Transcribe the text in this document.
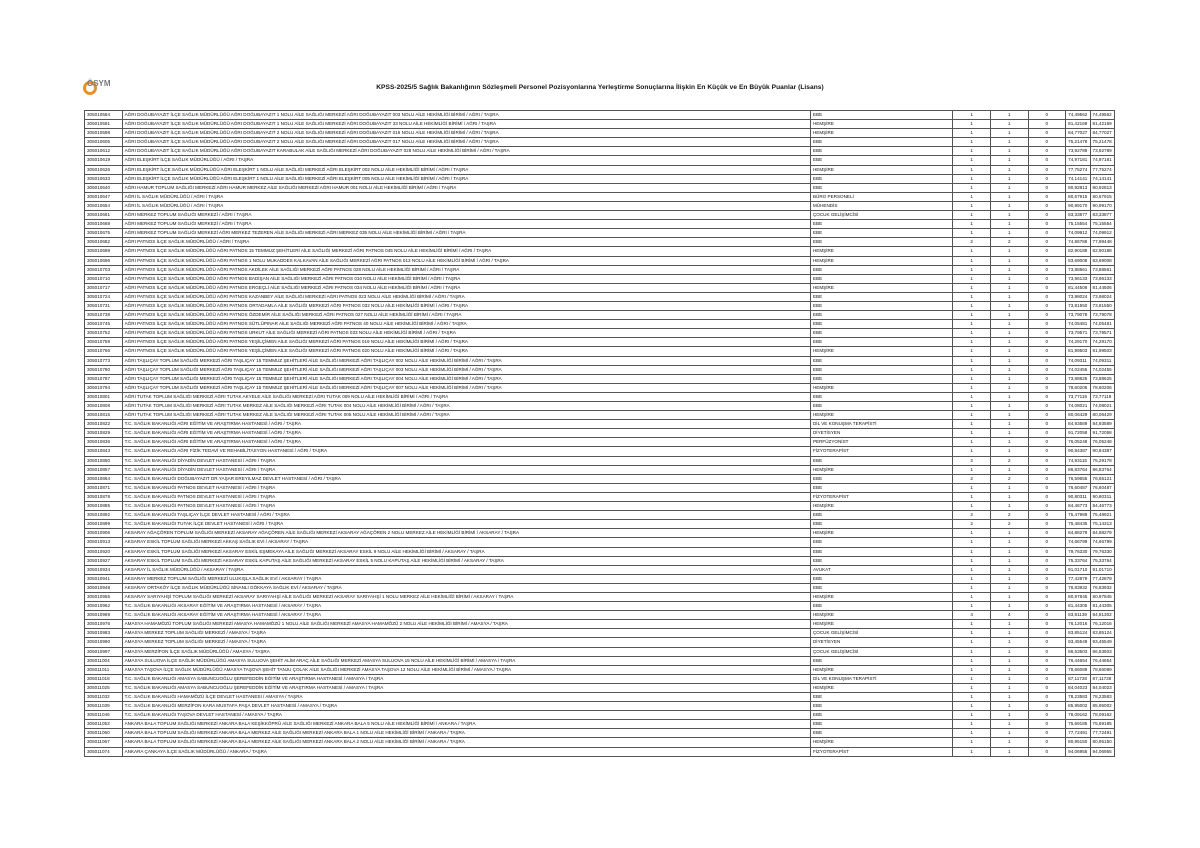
ÖSYM	KPSS-2025/5 Sağlık Bakanlığının Sözleşmeli Personel Pozisyonlarına Yerleştirme Sonuçlarına İlişkin En Küçük ve En Büyük Puanlar (Lisans)
305010584	AĞRI DOĞUBAYAZIT İLÇE SAĞLIK MÜDÜRLÜĞÜ AĞRI DOĞUBAYAZIT 1 NOLU AİLE SAĞLIĞI MERKEZİ AĞRI DOĞUBAYAZIT 003 NOLU AİLE HEKİMLİĞİ BİRİMİ / AĞRI / TAŞRA	EBE	1	1	0	74,49562	74,49562
305010591	AĞRI DOĞUBAYAZIT İLÇE SAĞLIK MÜDÜRLÜĞÜ AĞRI DOĞUBAYAZIT 1 NOLU AİLE SAĞLIĞI MERKEZİ AĞRI DOĞUBAYAZIT 33 NOLU AİLE HEKİMLİĞİ BİRİMİ / AĞRI / TAŞRA	HEMŞİRE	1	1	0	81,42169	81,42169
305010598	AĞRI DOĞUBAYAZIT İLÇE SAĞLIK MÜDÜRLÜĞÜ AĞRI DOĞUBAYAZIT 2 NOLU AİLE SAĞLIĞI MERKEZİ AĞRI DOĞUBAYAZIT 016 NOLU AİLE HEKİMLİĞİ BİRİMİ / AĞRI / TAŞRA	HEMŞİRE	1	1	0	84,77027	84,77027
305010605	AĞRI DOĞUBAYAZIT İLÇE SAĞLIK MÜDÜRLÜĞÜ AĞRI DOĞUBAYAZIT 2 NOLU AİLE SAĞLIĞI MERKEZİ AĞRI DOĞUBAYAZIT 017 NOLU AİLE HEKİMLİĞİ BİRİMİ / AĞRI / TAŞRA	EBE	1	1	0	75,21478	75,21478
305010612	AĞRI DOĞUBAYAZIT İLÇE SAĞLIK MÜDÜRLÜĞÜ AĞRI DOĞUBAYAZIT KARABULAK AİLE SAĞLIĞI MERKEZİ AĞRI DOĞUBAYAZIT 028 NOLU AİLE HEKİMLİĞİ BİRİMİ / AĞRI / TAŞRA	EBE	1	1	0	73,92789	73,92789
305010619	AĞRI ELEŞKİRT İLÇE SAĞLIK MÜDÜRLÜĞÜ / AĞRI / TAŞRA	EBE	1	1	0	74,97181	74,97181
305010626	AĞRI ELEŞKİRT İLÇE SAĞLIK MÜDÜRLÜĞÜ AĞRI ELEŞKİRT 1 NOLU AİLE SAĞLIĞI MERKEZİ AĞRI ELEŞKİRT 002 NOLU AİLE HEKİMLİĞİ BİRİMİ / AĞRI / TAŞRA	HEMŞİRE	1	1	0	77,75274	77,75274
305010633	AĞRI ELEŞKİRT İLÇE SAĞLIK MÜDÜRLÜĞÜ AĞRI ELEŞKİRT 1 NOLU AİLE SAĞLIĞI MERKEZİ AĞRI ELEŞKİRT 005 NOLU AİLE HEKİMLİĞİ BİRİMİ / AĞRI / TAŞRA	EBE	1	1	0	74,14141	74,14141
305010640	AĞRI HAMUR TOPLUM SAĞLIĞI MERKEZİ AĞRI HAMUR MERKEZ AİLE SAĞLIĞI MERKEZİ AĞRI HAMUR 001 NOLU AİLE HEKİMLİĞİ BİRİMİ / AĞRI / TAŞRA	EBE	1	1	0	80,92813	80,92813
305010647	AĞRI İL SAĞLIK MÜDÜRLÜĞÜ / AĞRI / TAŞRA	BÜRO PERSONELİ	1	1	0	80,67915	80,67915
305010654	AĞRI İL SAĞLIK MÜDÜRLÜĞÜ / AĞRI / TAŞRA	MÜHENDİS	1	1	0	90,99170	90,99170
305010661	AĞRI MERKEZ TOPLUM SAĞLIĞI MERKEZİ / AĞRI / TAŞRA	ÇOCUK GELİŞİMCİSİ	1	1	0	83,33877	83,33877
305010668	AĞRI MERKEZ TOPLUM SAĞLIĞI MERKEZİ / AĞRI / TAŞRA	EBE	1	1	0	75,15554	75,15554
305010675	AĞRI MERKEZ TOPLUM SAĞLIĞI MERKEZİ AĞRI MERKEZ TEZEREN AİLE SAĞLIĞI MERKEZİ AĞRI MERKEZ 035 NOLU AİLE HEKİMLİĞİ BİRİMİ / AĞRI / TAŞRA	EBE	1	1	0	74,09912	74,09912
305010682	AĞRI PATNOS İLÇE SAĞLIK MÜDÜRLÜĞÜ / AĞRI / TAŞRA	EBE	2	2	0	74,86786	77,99448
305010689	AĞRI PATNOS İLÇE SAĞLIK MÜDÜRLÜĞÜ AĞRI PATNOS 15 TEMMUZ ŞEHİTLERİ AİLE SAĞLIĞI MERKEZİ AĞRI PATNOS 045 NOLU AİLE HEKİMLİĞİ BİRİMİ / AĞRI / TAŞRA	HEMŞİRE	1	1	0	82,90188	82,90188
305010696	AĞRI PATNOS İLÇE SAĞLIK MÜDÜRLÜĞÜ AĞRI PATNOS 1 NOLU MUKADDES KALKAVAN AİLE SAĞLIĞI MERKEZİ AĞRI PATNOS 013 NOLU AİLE HEKİMLİĞİ BİRİMİ / AĞRI / TAŞRA	HEMŞİRE	1	1	0	83,69008	83,69008
305010703	AĞRI PATNOS İLÇE SAĞLIK MÜDÜRLÜĞÜ AĞRI PATNOS AKDİLEK AİLE SAĞLIĞI MERKEZİ AĞRI PATNOS 028 NOLU AİLE HEKİMLİĞİ BİRİMİ / AĞRI / TAŞRA	EBE	1	1	0	73,88561	73,88561
305010710	AĞRI PATNOS İLÇE SAĞLIK MÜDÜRLÜĞÜ AĞRI PATNOS BADİŞAN AİLE SAĞLIĞI MERKEZİ AĞRI PATNOS 010 NOLU AİLE HEKİMLİĞİ BİRİMİ / AĞRI / TAŞRA	EBE	1	1	0	73,96133	73,96133
305010717	AĞRI PATNOS İLÇE SAĞLIK MÜDÜRLÜĞÜ AĞRI PATNOS ERGEÇLİ AİLE SAĞLIĞI MERKEZİ AĞRI PATNOS 034 NOLU AİLE HEKİMLİĞİ BİRİMİ / AĞRI / TAŞRA	HEMŞİRE	1	1	0	81,44506	81,44506
305010724	AĞRI PATNOS İLÇE SAĞLIK MÜDÜRLÜĞÜ AĞRI PATNOS KAZANBEY AİLE SAĞLIĞI MERKEZİ AĞRI PATNOS 023 NOLU AİLE HEKİMLİĞİ BİRİMİ / AĞRI / TAŞRA	EBE	1	1	0	73,98024	73,98024
305010731	AĞRI PATNOS İLÇE SAĞLIK MÜDÜRLÜĞÜ AĞRI PATNOS ORTADAMLA AİLE SAĞLIĞI MERKEZİ AĞRI PATNOS 032 NOLU AİLE HEKİMLİĞİ BİRİMİ / AĞRI / TAŞRA	EBE	1	1	0	73,81550	73,81550
305010738	AĞRI PATNOS İLÇE SAĞLIK MÜDÜRLÜĞÜ AĞRI PATNOS ÖZDEMİR AİLE SAĞLIĞI MERKEZİ AĞRI PATNOS 027 NOLU AİLE HEKİMLİĞİ BİRİMİ / AĞRI / TAŞRA	EBE	1	1	0	73,79078	73,79078
305010745	AĞRI PATNOS İLÇE SAĞLIK MÜDÜRLÜĞÜ AĞRI PATNOS SÜTLÜPINAR AİLE SAĞLIĞI MERKEZİ AĞRI PATNOS 40 NOLU AİLE HEKİMLİĞİ BİRİMİ / AĞRI / TAŞRA	EBE	1	1	0	74,05481	74,05481
305010752	AĞRI PATNOS İLÇE SAĞLIK MÜDÜRLÜĞÜ AĞRI PATNOS URKUT AİLE SAĞLIĞI MERKEZİ AĞRI PATNOS 033 NOLU AİLE HEKİMLİĞİ BİRİMİ / AĞRI / TAŞRA	EBE	1	1	0	73,79571	73,79571
305010759	AĞRI PATNOS İLÇE SAĞLIK MÜDÜRLÜĞÜ AĞRI PATNOS YEŞİLÇİMEN AİLE SAĞLIĞI MERKEZİ AĞRI PATNOS 019 NOLU AİLE HEKİMLİĞİ BİRİMİ / AĞRI / TAŞRA	EBE	1	1	0	74,29170	74,29170
305010766	AĞRI PATNOS İLÇE SAĞLIK MÜDÜRLÜĞÜ AĞRI PATNOS YEŞİLÇİMEN AİLE SAĞLIĞI MERKEZİ AĞRI PATNOS 020 NOLU AİLE HEKİMLİĞİ BİRİMİ / AĞRI / TAŞRA	HEMŞİRE	1	1	0	81,99503	81,99503
305010773	AĞRI TAŞLIÇAY TOPLUM SAĞLIĞI MERKEZİ AĞRI TAŞLIÇAY 15 TEMMUZ ŞEHİTLERİ AİLE SAĞLIĞI MERKEZİ AĞRI TAŞLIÇAY 002 NOLU AİLE HEKİMLİĞİ BİRİMİ / AĞRI / TAŞRA	EBE	1	1	0	74,09311	74,09311
305010780	AĞRI TAŞLIÇAY TOPLUM SAĞLIĞI MERKEZİ AĞRI TAŞLIÇAY 15 TEMMUZ ŞEHİTLERİ AİLE SAĞLIĞI MERKEZİ AĞRI TAŞLIÇAY 003 NOLU AİLE HEKİMLİĞİ BİRİMİ / AĞRI / TAŞRA	EBE	1	1	0	74,02455	74,02455
305010787	AĞRI TAŞLIÇAY TOPLUM SAĞLIĞI MERKEZİ AĞRI TAŞLIÇAY 15 TEMMUZ ŞEHİTLERİ AİLE SAĞLIĞI MERKEZİ AĞRI TAŞLIÇAY 004 NOLU AİLE HEKİMLİĞİ BİRİMİ / AĞRI / TAŞRA	EBE	1	1	0	73,88625	73,88625
305010794	AĞRI TAŞLIÇAY TOPLUM SAĞLIĞI MERKEZİ AĞRI TAŞLIÇAY 15 TEMMUZ ŞEHİTLERİ AİLE SAĞLIĞI MERKEZİ AĞRI TAŞLIÇAY 007 NOLU AİLE HEKİMLİĞİ BİRİMİ / AĞRI / TAŞRA	HEMŞİRE	1	1	0	78,60206	78,60206
305010801	AĞRI TUTAK TOPLUM SAĞLIĞI MERKEZİ AĞRI TUTAK AKYELE AİLE SAĞLIĞI MERKEZİ AĞRI TUTAK 009 NOLU AİLE HEKİMLİĞİ BİRİMİ / AĞRI / TAŞRA	EBE	1	1	0	73,77119	73,77119
305010808	AĞRI TUTAK TOPLUM SAĞLIĞI MERKEZİ AĞRI TUTAK MERKEZ AİLE SAĞLIĞI MERKEZİ AĞRI TUTAK 004 NOLU AİLE HEKİMLİĞİ BİRİMİ / AĞRI / TAŞRA	EBE	1	1	0	74,08021	74,08021
305010815	AĞRI TUTAK TOPLUM SAĞLIĞI MERKEZİ AĞRI TUTAK MERKEZ AİLE SAĞLIĞI MERKEZİ AĞRI TUTAK 005 NOLU AİLE HEKİMLİĞİ BİRİMİ / AĞRI / TAŞRA	HEMŞİRE	1	1	0	80,06429	80,06429
305010822	T.C. SAĞLIK BAKANLIĞI AĞRI EĞİTİM VE ARAŞTIRMA HASTANESİ / AĞRI / TAŞRA	DİL VE KONUŞMA TERAPİSTİ	1	1	0	84,93589	84,93589
305010829	T.C. SAĞLIK BAKANLIĞI AĞRI EĞİTİM VE ARAŞTIRMA HASTANESİ / AĞRI / TAŞRA	DİYETİSYEN	1	1	0	91,72058	91,72058
305010836	T.C. SAĞLIK BAKANLIĞI AĞRI EĞİTİM VE ARAŞTIRMA HASTANESİ / AĞRI / TAŞRA	PERFÜZYONİST	1	1	0	76,05248	76,05248
305010843	T.C. SAĞLIK BAKANLIĞI AĞRI FİZİK TEDAVİ VE REHABİLİTASYON HASTANESİ / AĞRI / TAŞRA	FİZYOTERAPİST	1	1	0	90,84387	90,84387
305010850	T.C. SAĞLIK BAKANLIĞI DİYADİN DEVLET HASTANESİ / AĞRI / TAŞRA	EBE	2	2	0	74,93115	75,29178
305010857	T.C. SAĞLIK BAKANLIĞI DİYADİN DEVLET HASTANESİ / AĞRI / TAŞRA	HEMŞİRE	1	1	0	86,83764	86,83764
305010864	T.C. SAĞLIK BAKANLIĞI DOĞUBAYAZIT DR.YAŞAR EREYILMAZ DEVLET HASTANESİ / AĞRI / TAŞRA	EBE	2	2	0	76,59655	76,65121
305010871	T.C. SAĞLIK BAKANLIĞI PATNOS DEVLET HASTANESİ / AĞRI / TAŞRA	EBE	1	1	0	76,60487	76,60487
305010878	T.C. SAĞLIK BAKANLIĞI PATNOS DEVLET HASTANESİ / AĞRI / TAŞRA	FİZYOTERAPİST	1	1	0	90,80311	90,80311
305010885	T.C. SAĞLIK BAKANLIĞI PATNOS DEVLET HASTANESİ / AĞRI / TAŞRA	HEMŞİRE	1	1	0	84,46773	84,46773
305010892	T.C. SAĞLIK BAKANLIĞI TAŞLIÇAY İLÇE DEVLET HASTANESİ / AĞRI / TAŞRA	EBE	2	2	0	75,47989	75,48921
305010899	T.C. SAĞLIK BAKANLIĞI TUTAK İLÇE DEVLET HASTANESİ / AĞRI / TAŞRA	EBE	2	2	0	75,48435	75,14313
305010906	AKSARAY AĞAÇÖREN TOPLUM SAĞLIĞI MERKEZİ AKSARAY AĞAÇÖREN AİLE SAĞLIĞI MERKEZİ AKSARAY AĞAÇÖREN 2 NOLU MERKEZ AİLE HEKİMLİĞİ BİRİMİ / AKSARAY / TAŞRA	HEMŞİRE	1	1	0	84,88279	84,88279
305010913	AKSARAY ESKİL TOPLUM SAĞLIĞI MERKEZİ AKKAŞ SAĞLIK EVİ / AKSARAY / TAŞRA	EBE	1	1	0	74,66799	74,66799
305010920	AKSARAY ESKİL TOPLUM SAĞLIĞI MERKEZİ AKSARAY ESKİL EŞMEKAYA AİLE SAĞLIĞI MERKEZİ AKSARAY ESKİL 9 NOLU AİLE HEKİMLİĞİ BİRİMİ / AKSARAY / TAŞRA	EBE	1	1	0	79,76330	79,76330
305010927	AKSARAY ESKİL TOPLUM SAĞLIĞI MERKEZİ AKSARAY ESKİL KAPUTAŞ AİLE SAĞLIĞI MERKEZİ AKSARAY ESKİL 5 NOLU KAPUTAŞ AİLE HEKİMLİĞİ BİRİMİ / AKSARAY / TAŞRA	EBE	1	1	0	75,33764	75,33764
305010934	AKSARAY İL SAĞLIK MÜDÜRLÜĞÜ / AKSARAY / TAŞRA	AVUKAT	1	1	0	91,01710	91,01710
305010941	AKSARAY MERKEZ TOPLUM SAĞLIĞI MERKEZİ ULUKIŞLA SAĞLIK EVİ / AKSARAY / TAŞRA	EBE	1	1	0	77,42879	77,42879
305010948	AKSARAY ORTAKÖY İLÇE SAĞLIK MÜDÜRLÜĞÜ SİNANLI GÖKKAYA SAĞLIK EVİ / AKSARAY / TAŞRA	EBE	1	1	0	76,83932	76,83932
305010955	AKSARAY SARIYAHŞİ TOPLUM SAĞLIĞI MERKEZİ AKSARAY SARIYAHŞİ AİLE SAĞLIĞI MERKEZİ AKSARAY SARIYAHŞİ 1 NOLU MERKEZ AİLE HEKİMLİĞİ BİRİMİ / AKSARAY / TAŞRA	HEMŞİRE	1	1	0	80,97845	80,97845
305010962	T.C. SAĞLIK BAKANLIĞI AKSARAY EĞİTİM VE ARAŞTIRMA HASTANESİ / AKSARAY / TAŞRA	EBE	1	1	0	81,44305	81,44305
305010969	T.C. SAĞLIK BAKANLIĞI AKSARAY EĞİTİM VE ARAŞTIRMA HASTANESİ / AKSARAY / TAŞRA	HEMŞİRE	4	4	0	83,81139	84,81302
305010976	AMASYA HAMAMÖZÜ TOPLUM SAĞLIĞI MERKEZİ AMASYA HAMAMÖZÜ 1 NOLU AİLE SAĞLIĞI MERKEZİ AMASYA HAMAMÖZÜ 2 NOLU AİLE HEKİMLİĞİ BİRİMİ / AMASYA / TAŞRA	HEMŞİRE	1	1	0	76,12016	76,12016
305010983	AMASYA MERKEZ TOPLUM SAĞLIĞI MERKEZİ / AMASYA / TAŞRA	ÇOCUK GELİŞİMCİSİ	1	1	0	83,85124	83,85124
305010990	AMASYA MERKEZ TOPLUM SAĞLIĞI MERKEZİ / AMASYA / TAŞRA	DİYETİSYEN	1	1	0	93,45549	93,45549
305010997	AMASYA MERZİFON İLÇE SAĞLIK MÜDÜRLÜĞÜ / AMASYA / TAŞRA	ÇOCUK GELİŞİMCİSİ	1	1	0	86,53503	86,53503
305011004	AMASYA SULUOVA İLÇE SAĞLIK MÜDÜRLÜĞÜ AMASYA SULUOVA ŞEHİT ALİM ARAÇ AİLE SAĞLIĞI MERKEZİ AMASYA SULUOVA 15 NOLU AİLE HEKİMLİĞİ BİRİMİ / AMASYA / TAŞRA	EBE	1	1	0	76,44654	76,44654
305011011	AMASYA TAŞOVA İLÇE SAĞLIK MÜDÜRLÜĞÜ AMASYA TAŞOVA ŞEHİT TANJU ÇOLAK AİLE SAĞLIĞI MERKEZİ AMASYA TAŞOVA 12 NOLU AİLE HEKİMLİĞİ BİRİMİ / AMASYA / TAŞRA	HEMŞİRE	1	1	0	78,66089	78,66089
305011018	T.C. SAĞLIK BAKANLIĞI AMASYA SABUNCUOĞLU ŞEREFEDDİN EĞİTİM VE ARAŞTIRMA HASTANESİ / AMASYA / TAŞRA	DİL VE KONUŞMA TERAPİSTİ	1	1	0	87,11728	87,11728
305011025	T.C. SAĞLIK BAKANLIĞI AMASYA SABUNCUOĞLU ŞEREFEDDİN EĞİTİM VE ARAŞTIRMA HASTANESİ / AMASYA / TAŞRA	HEMŞİRE	1	1	0	84,04023	84,04023
305011032	T.C. SAĞLIK BAKANLIĞI HAMAMÖZÜ İLÇE DEVLET HASTANESİ / AMASYA / TAŞRA	EBE	1	1	0	78,23583	78,23583
305011039	T.C. SAĞLIK BAKANLIĞI MERZİFON KARA MUSTAFA PAŞA DEVLET HASTANESİ / AMASYA / TAŞRA	EBE	1	1	0	85,95002	85,95002
305011046	T.C. SAĞLIK BAKANLIĞI TAŞOVA DEVLET HASTANESİ / AMASYA / TAŞRA	EBE	1	1	0	78,09162	78,09162
305011053	ANKARA BALA TOPLUM SAĞLIĞI MERKEZİ ANKARA BALA KEŞİKKÖPRÜ AİLE SAĞLIĞI MERKEZİ ANKARA BALA 5 NOLU AİLE HEKİMLİĞİ BİRİMİ / ANKARA / TAŞRA	EBE	1	1	0	75,69185	75,69185
305011060	ANKARA BALA TOPLUM SAĞLIĞI MERKEZİ ANKARA BALA MERKEZ AİLE SAĞLIĞI MERKEZİ ANKARA BALA 1 NOLU AİLE HEKİMLİĞİ BİRİMİ / ANKARA / TAŞRA	EBE	1	1	0	77,72491	77,72491
305011067	ANKARA BALA TOPLUM SAĞLIĞI MERKEZİ ANKARA BALA MERKEZ AİLE SAĞLIĞI MERKEZİ ANKARA BALA 2 NOLU AİLE HEKİMLİĞİ BİRİMİ / ANKARA / TAŞRA	HEMŞİRE	1	1	0	80,95150	80,95150
305011074	ANKARA ÇANKAYA İLÇE SAĞLIK MÜDÜRLÜĞÜ / ANKARA / TAŞRA	FİZYOTERAPİST	1	1	0	94,06955	94,06955
